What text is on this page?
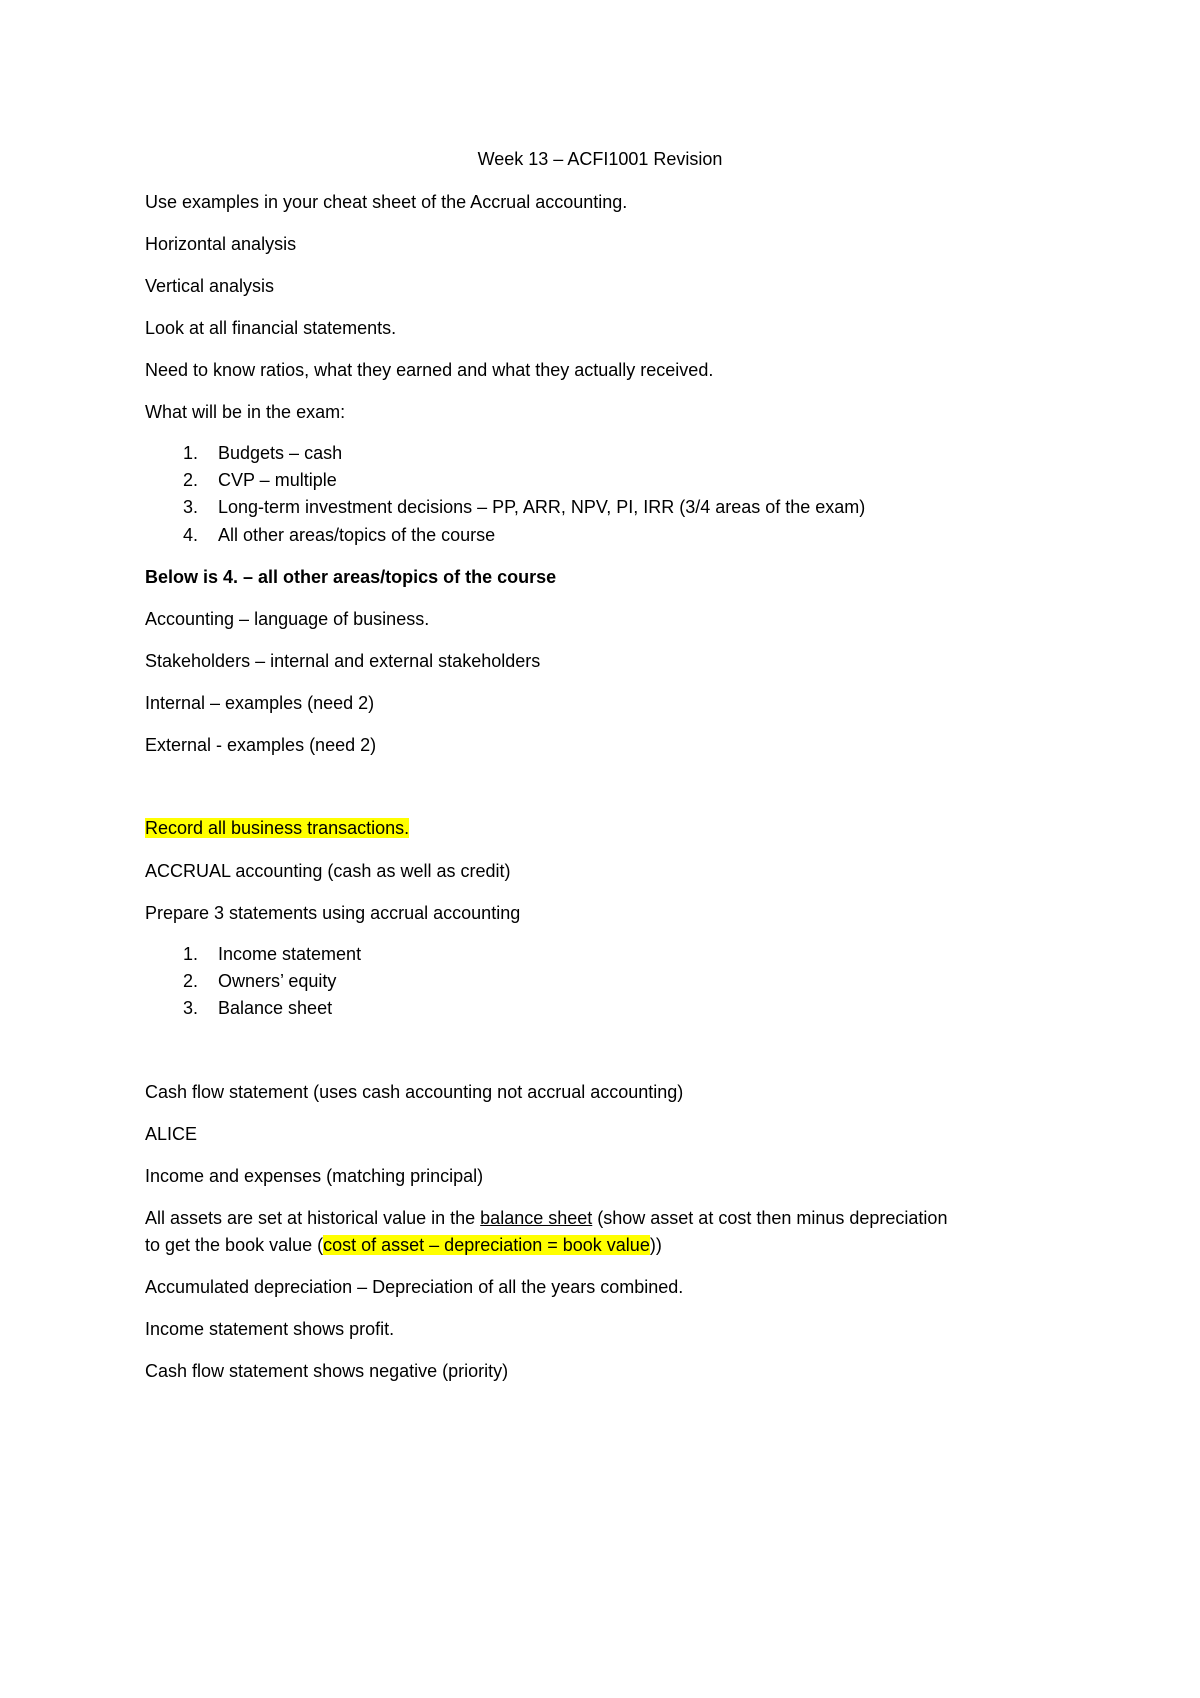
Week 13 – ACFI1001 Revision

Use examples in your cheat sheet of the Accrual accounting.

Horizontal analysis

Vertical analysis

Look at all financial statements.

Need to know ratios, what they earned and what they actually received.

What will be in the exam:

1. Budgets – cash
2. CVP – multiple
3. Long-term investment decisions – PP, ARR, NPV, PI, IRR (3/4 areas of the exam)
4. All other areas/topics of the course

Below is 4. – all other areas/topics of the course

Accounting – language of business.

Stakeholders – internal and external stakeholders

Internal – examples (need 2)

External - examples (need 2)

Record all business transactions.

ACCRUAL accounting (cash as well as credit)

Prepare 3 statements using accrual accounting

1. Income statement
2. Owners’ equity
3. Balance sheet

Cash flow statement (uses cash accounting not accrual accounting)

ALICE

Income and expenses (matching principal)

All assets are set at historical value in the balance sheet (show asset at cost then minus depreciation

to get the book value (cost of asset – depreciation = book value))

Accumulated depreciation – Depreciation of all the years combined.

Income statement shows profit.

Cash flow statement shows negative (priority)
